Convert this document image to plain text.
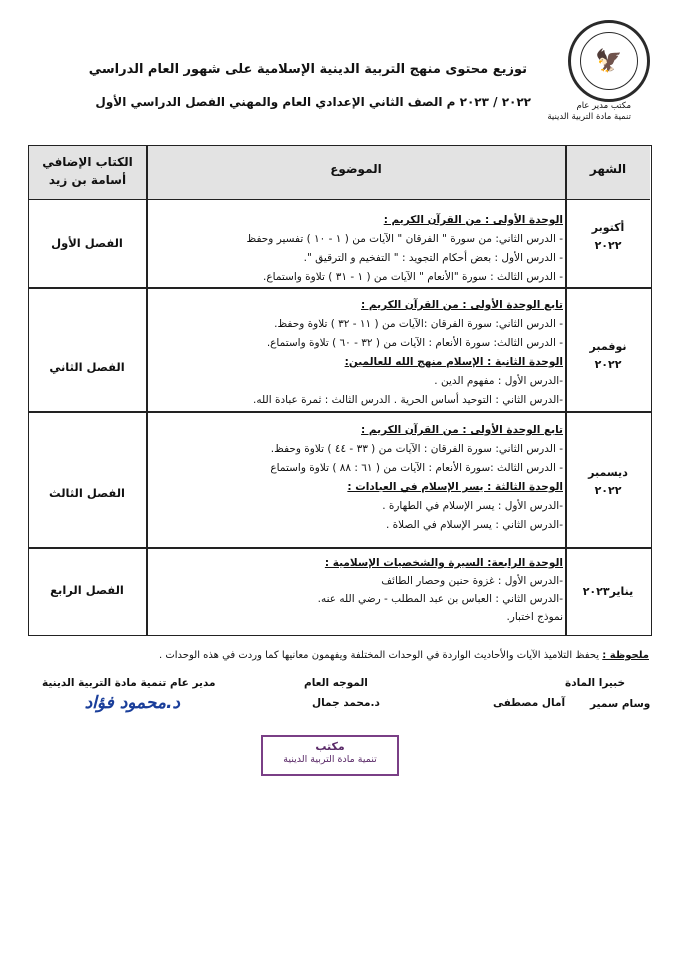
🦅
مكتب مدير عام
تنمية مادة التربية الدينية
توزيع محتوى منهج التربية الدينية الإسلامية على شهور العام الدراسي
٢٠٢٢ / ٢٠٢٣ م الصف الثاني الإعدادي العام والمهني الفصل الدراسي الأول
الشهر
الموضوع
الكتاب الإضافي
أسامة بن زيد
أكتوبر
٢٠٢٢
الفصل الأول
الوحدة الأولى : من القرآن الكريم :
- الدرس الثاني: من سورة " الفرقان " الآيات من ( ١ - ١٠ ) تفسير وحفظ
- الدرس الأول : بعض أحكام التجويد : " التفخيم و الترقيق ".
- الدرس الثالث : سورة "الأنعام " الآيات من ( ١ - ٣١ ) تلاوة واستماع.
نوفمبر
٢٠٢٢
الفصل الثاني
تابع الوحدة الأولى : من القرآن الكريم :
- الدرس الثاني: سورة الفرقان :الآيات من ( ١١ - ٣٢ ) تلاوة وحفظ.
- الدرس الثالث: سورة الأنعام : الآيات من ( ٣٢ - ٦٠ ) تلاوة واستماع.
الوحدة الثانية : الإسلام منهج الله للعالمين:
-الدرس الأول : مفهوم الدين .
-الدرس الثاني : التوحيد أساس الحرية . الدرس الثالث : ثمرة عبادة الله.
ديسمبر
٢٠٢٢
الفصل الثالث
تابع الوحدة الأولى : من القرآن الكريم :
- الدرس الثاني: سورة الفرقان : الآيات من ( ٣٣ - ٤٤ ) تلاوة وحفظ.
- الدرس الثالث :سورة الأنعام : الآيات من ( ٦١ : ٨٨ ) تلاوة واستماع
الوحدة الثالثة : يسر الإسلام في العبادات :
-الدرس الأول : يسر الإسلام في الطهارة .
-الدرس الثاني : يسر الإسلام في الصلاة .
يناير٢٠٢٣
الفصل الرابع
الوحدة الرابعة: السيرة والشخصيات الإسلامية :
-الدرس الأول : غزوة حنين وحصار الطائف
-الدرس الثاني : العباس بن عبد المطلب - رضي الله عنه.
نموذج اختبار.
ملحوظة : يحفظ التلاميذ الآيات والأحاديث الواردة في الوحدات المختلفة ويفهمون معانيها كما وردت في هذه الوحدات .
خبيرا المادة
الموجه العام
مدير عام تنمية مادة التربية الدينية
وسام سمير
آمال مصطفى
د.محمد جمال
د.محمود فؤاد
مكتب
تنمية مادة التربية الدينية
